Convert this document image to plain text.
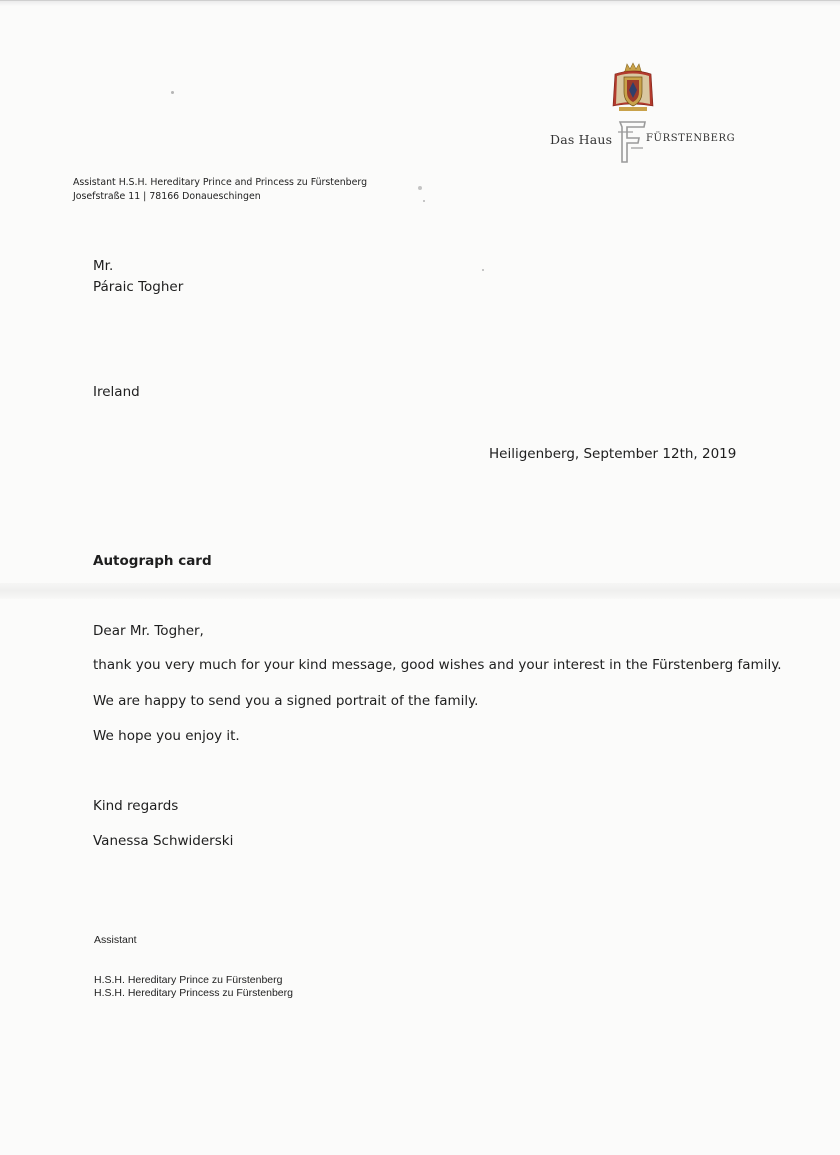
Das Haus	FÜRSTENBERG
Assistant H.S.H. Hereditary Prince and Princess zu Fürstenberg
Josefstraße 11 | 78166 Donaueschingen
Mr.
Páraic Togher
Ireland
Heiligenberg, September 12th, 2019
Autograph card
Dear Mr. Togher,
thank you very much for your kind message, good wishes and your interest in the Fürstenberg family.
We are happy to send you a signed portrait of the family.
We hope you enjoy it.
Kind regards
Vanessa Schwiderski
Assistant
H.S.H. Hereditary Prince zu Fürstenberg
H.S.H. Hereditary Princess zu Fürstenberg
